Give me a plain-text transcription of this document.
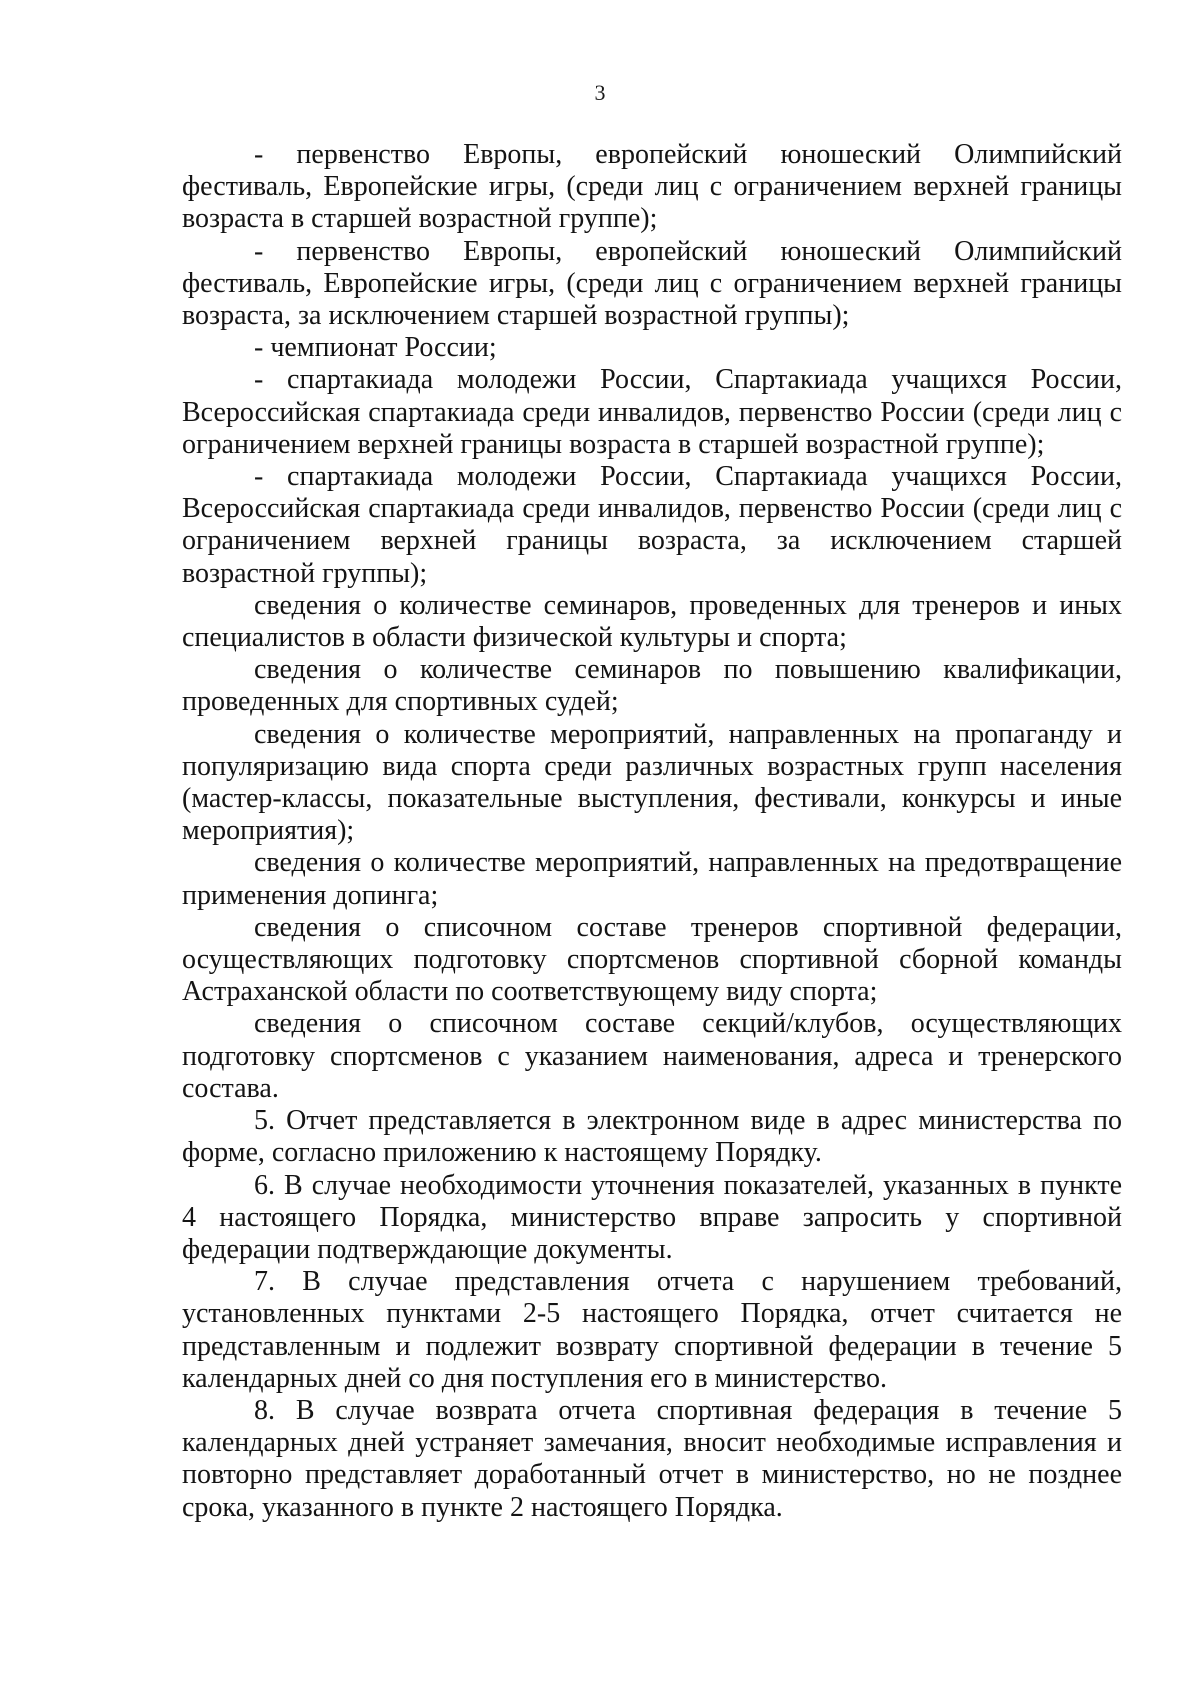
3

- первенство Европы, европейский юношеский Олимпийский фестиваль, Европейские игры, (среди лиц с ограничением верхней границы возраста в старшей возрастной группе);

- первенство Европы, европейский юношеский Олимпийский фестиваль, Европейские игры, (среди лиц с ограничением верхней границы возраста, за исключением старшей возрастной группы);

- чемпионат России;

- спартакиада молодежи России, Спартакиада учащихся России, Всероссийская спартакиада среди инвалидов, первенство России (среди лиц с ограничением верхней границы возраста в старшей возрастной группе);

- спартакиада молодежи России, Спартакиада учащихся России, Всероссийская спартакиада среди инвалидов, первенство России (среди лиц с ограничением верхней границы возраста, за исключением старшей возрастной группы);

сведения о количестве семинаров, проведенных для тренеров и иных специалистов в области физической культуры и спорта;

сведения о количестве семинаров по повышению квалификации, проведенных для спортивных судей;

сведения о количестве мероприятий, направленных на пропаганду и популяризацию вида спорта среди различных возрастных групп населения (мастер-классы, показательные выступления, фестивали, конкурсы и иные мероприятия);

сведения о количестве мероприятий, направленных на предотвращение применения допинга;

сведения о списочном составе тренеров спортивной федерации, осуществляющих подготовку спортсменов спортивной сборной команды Астраханской области по соответствующему виду спорта;

сведения о списочном составе секций/клубов, осуществляющих подготовку спортсменов с указанием наименования, адреса и тренерского состава.

5. Отчет представляется в электронном виде в адрес министерства по форме, согласно приложению к настоящему Порядку.

6. В случае необходимости уточнения показателей, указанных в пункте 4 настоящего Порядка, министерство вправе запросить у спортивной федерации подтверждающие документы.

7. В случае представления отчета с нарушением требований, установленных пунктами 2-5 настоящего Порядка, отчет считается не представленным и подлежит возврату спортивной федерации в течение 5 календарных дней со дня поступления его в министерство.

8. В случае возврата отчета спортивная федерация в течение 5 календарных дней устраняет замечания, вносит необходимые исправления и повторно представляет доработанный отчет в министерство, но не позднее срока, указанного в пункте 2 настоящего Порядка.
